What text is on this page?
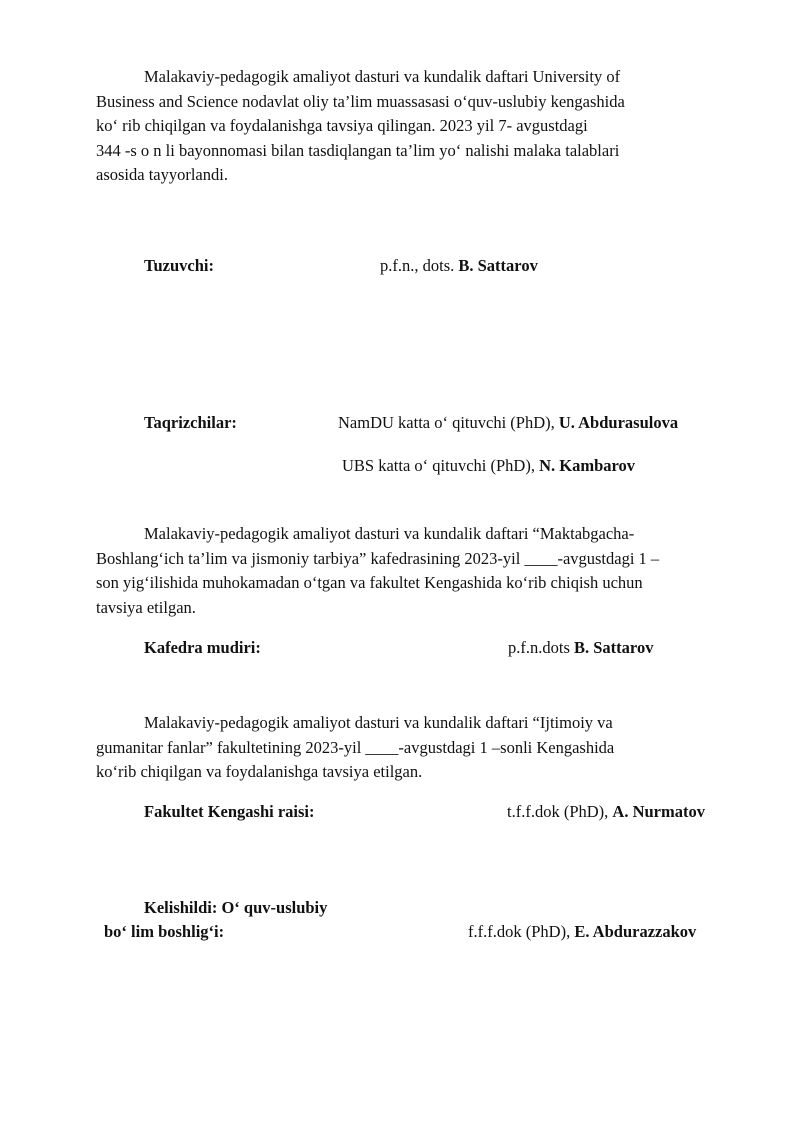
Malakaviy-pedagogik amaliyot dasturi va kundalik daftari University of
Business and Science nodavlat oliy ta’lim muassasasi o‘quv-uslubiy kengashida
ko‘ rib chiqilgan va foydalanishga tavsiya qilingan. 2023 yil 7- avgustdagi
344 -s o n li bayonnomasi bilan tasdiqlangan ta’lim yo‘ nalishi malaka talablari
asosida tayyorlandi.
Tuzuvchi:	p.f.n., dots. B. Sattarov
Taqrizchilar:	NamDU katta o‘ qituvchi (PhD), U. Abdurasulova
UBS katta o‘ qituvchi (PhD), N. Kambarov
Malakaviy-pedagogik amaliyot dasturi va kundalik daftari “Maktabgacha-
Boshlang‘ich ta’lim va jismoniy tarbiya” kafedrasining 2023-yil ____-avgustdagi 1 –
son yig‘ilishida muhokamadan o‘tgan va fakultet Kengashida ko‘rib chiqish uchun
tavsiya etilgan.
Kafedra mudiri:	p.f.n.dots B. Sattarov
Malakaviy-pedagogik amaliyot dasturi va kundalik daftari “Ijtimoiy va
gumanitar fanlar” fakultetining 2023-yil ____-avgustdagi 1 –sonli Kengashida
ko‘rib chiqilgan va foydalanishga tavsiya etilgan.
Fakultet Kengashi raisi:	t.f.f.dok (PhD), A. Nurmatov
Kelishildi: O‘ quv-uslubiy
bo‘ lim boshlig‘i:	f.f.f.dok (PhD), E. Abdurazzakov
